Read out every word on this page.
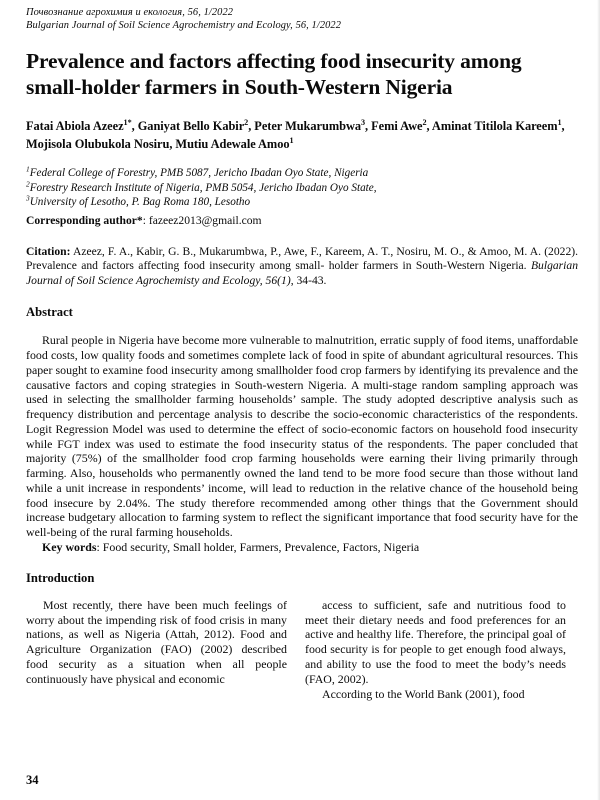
Почвознание агрохимия и екология, 56, 1/2022
Bulgarian Journal of Soil Science Agrochemistry and Ecology, 56, 1/2022
Prevalence and factors affecting food insecurity among small-holder farmers in South-Western Nigeria
Fatai Abiola Azeez$^{1*}$, Ganiyat Bello Kabir$^2$, Peter Mukarumbwa$^3$, Femi Awe$^2$, Aminat Titilola Kareem$^1$, Mojisola Olubukola Nosiru, Mutiu Adewale Amoo$^1$
$^1$Federal College of Forestry, PMB 5087, Jericho Ibadan Oyo State, Nigeria
$^2$Forestry Research Institute of Nigeria, PMB 5054, Jericho Ibadan Oyo State,
$^3$University of Lesotho, P. Bag Roma 180, Lesotho
Corresponding author*: fazeez2013@gmail.com
Citation: Azeez, F. A., Kabir, G. B., Mukarumbwa, P., Awe, F., Kareem, A. T., Nosiru, M. O., & Amoo, M. A. (2022). Prevalence and factors affecting food insecurity among small- holder farmers in South-Western Nigeria. Bulgarian Journal of Soil Science Agrochemisty and Ecology, 56(1), 34-43.
Abstract

Rural people in Nigeria have become more vulnerable to malnutrition, erratic supply of food items, unaffordable food costs, low quality foods and sometimes complete lack of food in spite of abundant agricultural resources. This paper sought to examine food insecurity among smallholder food crop farmers by identifying its prevalence and the causative factors and coping strategies in South-western Nigeria. A multi-stage random sampling approach was used in selecting the smallholder farming households’ sample. The study adopted descriptive analysis such as frequency distribution and percentage analysis to describe the socio-economic characteristics of the respondents. Logit Regression Model was used to determine the effect of socio-economic factors on household food insecurity while FGT index was used to estimate the food insecurity status of the respondents. The paper concluded that majority (75%) of the smallholder food crop farming households were earning their living primarily through farming. Also, households who permanently owned the land tend to be more food secure than those without land while a unit increase in respondents’ income, will lead to reduction in the relative chance of the household being food insecure by 2.04%. The study therefore recommended among other things that the Government should increase budgetary allocation to farming system to reflect the significant importance that food security have for the well-being of the rural farming households.

Key words: Food security, Small holder, Farmers, Prevalence, Factors, Nigeria

Introduction

Most recently, there have been much feelings of worry about the impending risk of food crisis in many nations, as well as Nigeria (Attah, 2012). Food and Agriculture Organization (FAO) (2002) described food security as a situation when all people continuously have physical and economic

access to sufficient, safe and nutritious food to meet their dietary needs and food preferences for an active and healthy life. Therefore, the principal goal of food security is for people to get enough food always, and ability to use the food to meet the body’s needs (FAO, 2002).

According to the World Bank (2001), food

34
